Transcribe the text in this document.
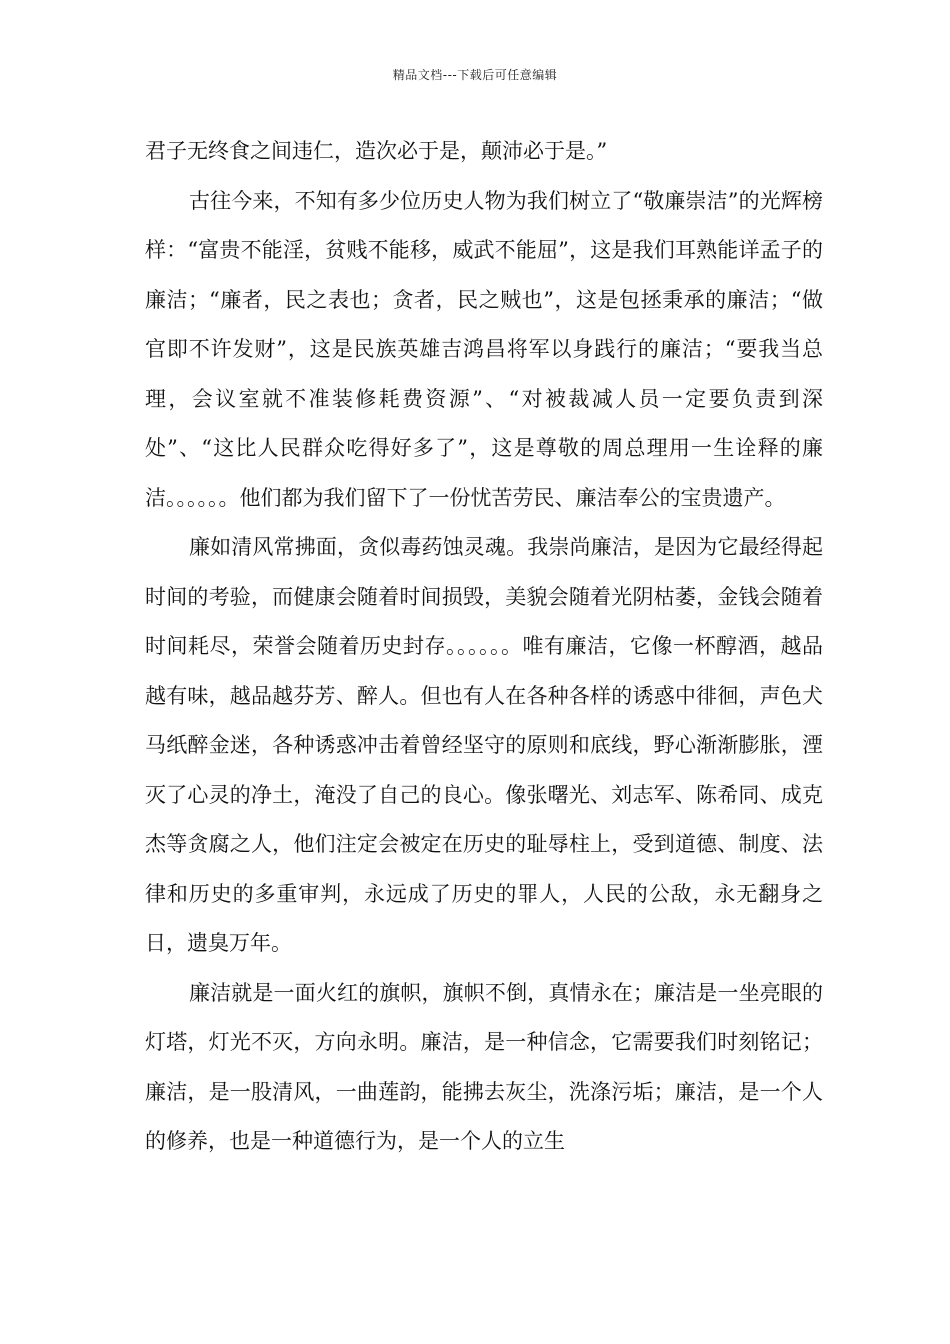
精品文档---下载后可任意编辑

君子无终食之间违仁，造次必于是，颠沛必于是。”

古往今来，不知有多少位历史人物为我们树立了“敬廉崇洁”的光辉榜样：“富贵不能淫，贫贱不能移，威武不能屈”，这是我们耳熟能详孟子的廉洁；“廉者，民之表也；贪者，民之贼也”，这是包拯秉承的廉洁；“做官即不许发财”，这是民族英雄吉鸿昌将军以身践行的廉洁；“要我当总理，会议室就不准装修耗费资源”、“对被裁减人员一定要负责到深处”、“这比人民群众吃得好多了”，这是尊敬的周总理用一生诠释的廉洁。。。。。。他们都为我们留下了一份忧苦劳民、廉洁奉公的宝贵遗产。

廉如清风常拂面，贪似毒药蚀灵魂。我崇尚廉洁，是因为它最经得起时间的考验，而健康会随着时间损毁，美貌会随着光阴枯萎，金钱会随着时间耗尽，荣誉会随着历史封存。。。。。。唯有廉洁，它像一杯醇酒，越品越有味，越品越芬芳、醉人。但也有人在各种各样的诱惑中徘徊，声色犬马纸醉金迷，各种诱惑冲击着曾经坚守的原则和底线，野心渐渐膨胀，湮灭了心灵的净土，淹没了自己的良心。像张曙光、刘志军、陈希同、成克杰等贪腐之人，他们注定会被定在历史的耻辱柱上，受到道德、制度、法律和历史的多重审判，永远成了历史的罪人，人民的公敌，永无翻身之日，遗臭万年。

廉洁就是一面火红的旗帜，旗帜不倒，真情永在；廉洁是一坐亮眼的灯塔，灯光不灭，方向永明。廉洁，是一种信念，它需要我们时刻铭记；廉洁，是一股清风，一曲莲韵，能拂去灰尘，洗涤污垢；廉洁，是一个人的修养，也是一种道德行为，是一个人的立生
